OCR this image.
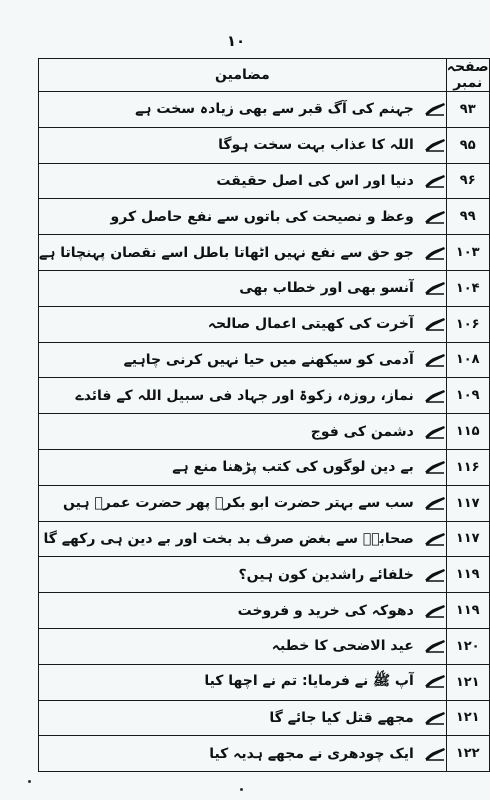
۱۰
مضامین	صفحہ نمبر

جہنم کی آگ قبر سے بھی زیادہ سخت ہے	۹۳

اللہ کا عذاب بہت سخت ہوگا	۹۵

دنیا اور اس کی اصل حقیقت	۹۶

وعظ و نصیحت کی باتوں سے نفع حاصل کرو	۹۹

جو حق سے نفع نہیں اٹھاتا باطل اسے نقصان پہنچاتا ہے	۱۰۳

آنسو بھی اور خطاب بھی	۱۰۴

آخرت کی کھیتی اعمال صالحہ	۱۰۶

آدمی کو سیکھنے میں حیا نہیں کرنی چاہیے	۱۰۸

نماز، روزہ، زکوۃ اور جہاد فی سبیل اللہ کے فائدے	۱۰۹

دشمن کی فوج	۱۱۵

بے دین لوگوں کی کتب پڑھنا منع ہے	۱۱۶

سب سے بہتر حضرت ابو بکرؓ پھر حضرت عمرؓ ہیں	۱۱۷

صحابہؓ سے بغض صرف بد بخت اور بے دین ہی رکھے گا	۱۱۷

خلفائے راشدین کون ہیں؟	۱۱۹

دھوکہ کی خرید و فروخت	۱۱۹

عید الاضحی کا خطبہ	۱۲۰

آپ ﷺ نے فرمایا: تم نے اچھا کیا	۱۲۱

مجھے قتل کیا جائے گا	۱۲۱

ایک چودھری نے مجھے ہدیہ کیا	۱۲۲
